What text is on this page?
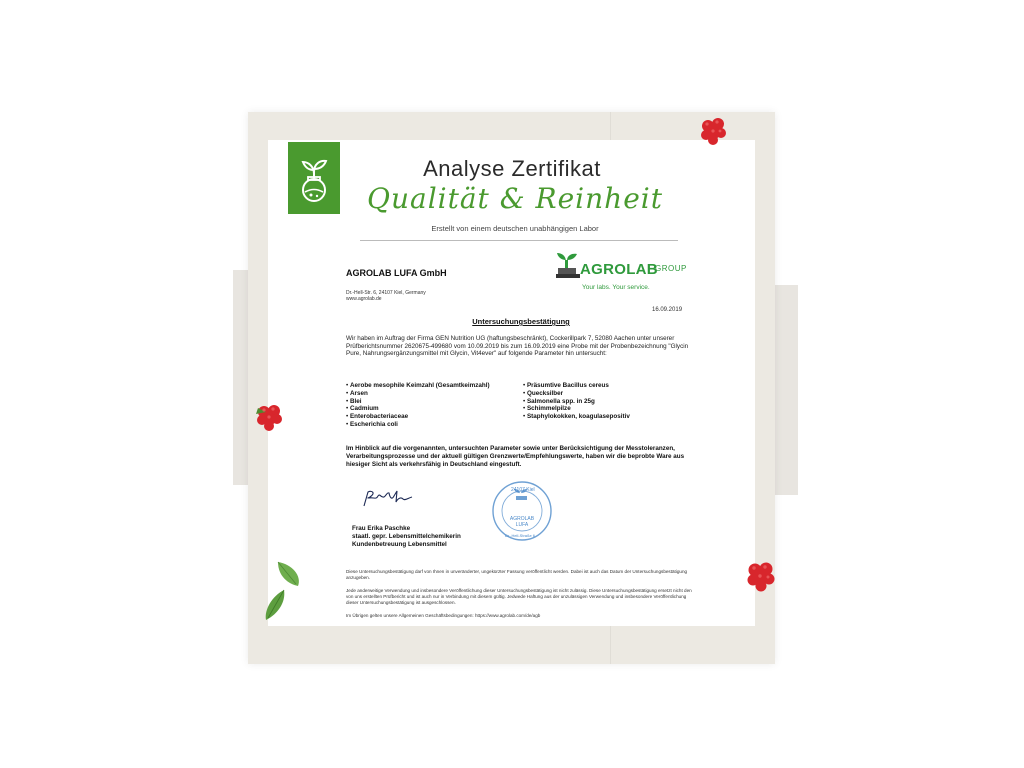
Analyse Zertifikat
Qualität & Reinheit
Erstellt von einem deutschen unabhängigen Labor
AGROLAB LUFA GmbH
Dr.-Hell-Str. 6, 24107 Kiel, Germany
www.agrolab.de
AGROLAB
GROUP
Your labs. Your service.
16.09.2019
Untersuchungsbestätigung
Wir haben im Auftrag der Firma GEN Nutrition UG (haftungsbeschränkt), Cockerillpark 7, 52080 Aachen unter unserer Prüfberichtsnummer 2620675-499680 vom 10.09.2019 bis zum 16.09.2019 eine Probe mit der Probenbezeichnung "Glycin Pure, Nahrungsergänzungsmittel mit Glycin, Vit4ever" auf folgende Parameter hin untersucht:
• Aerobe mesophile Keimzahl (Gesamtkeimzahl)
• Arsen
• Blei
• Cadmium
• Enterobacteriaceae
• Escherichia coli
• Präsumtive Bacillus cereus
• Quecksilber
• Salmonella spp. in 25g
• Schimmelpilze
• Staphylokokken, koagulasepositiv
Im Hinblick auf die vorgenannten, untersuchten Parameter sowie unter Berücksichtigung der Messtoleranzen, Verarbeitungsprozesse und der aktuell gültigen Grenzwerte/Empfehlungswerte, haben wir die beprobte Ware aus hiesiger Sicht als verkehrsfähig in Deutschland eingestuft.
Frau Erika Paschke
staatl. gepr. Lebensmittelchemikerin
Kundenbetreuung Lebensmittel
24107 Kiel
AGROLAB
LUFA
Dr.-Hell-Straße 6
Diese Untersuchungsbestätigung darf von Ihnen in unveränderter, ungekürzter Fassung veröffentlicht werden. Dabei ist auch das Datum der Untersuchungsbestätigung anzugeben.
Jede anderweitige Verwendung und insbesondere Veröffentlichung dieser Untersuchungsbestätigung ist nicht zulässig. Diese Untersuchungsbestätigung ersetzt nicht den von uns erstellten Prüfbericht und ist auch nur in Verbindung mit diesem gültig. Jedwede Haftung aus der unzulässigen Verwendung und insbesondere Veröffentlichung dieser Untersuchungsbestätigung ist ausgeschlossen.
Im Übrigen gelten unsere Allgemeinen Geschäftsbedingungen: https://www.agrolab.com/de/agb
